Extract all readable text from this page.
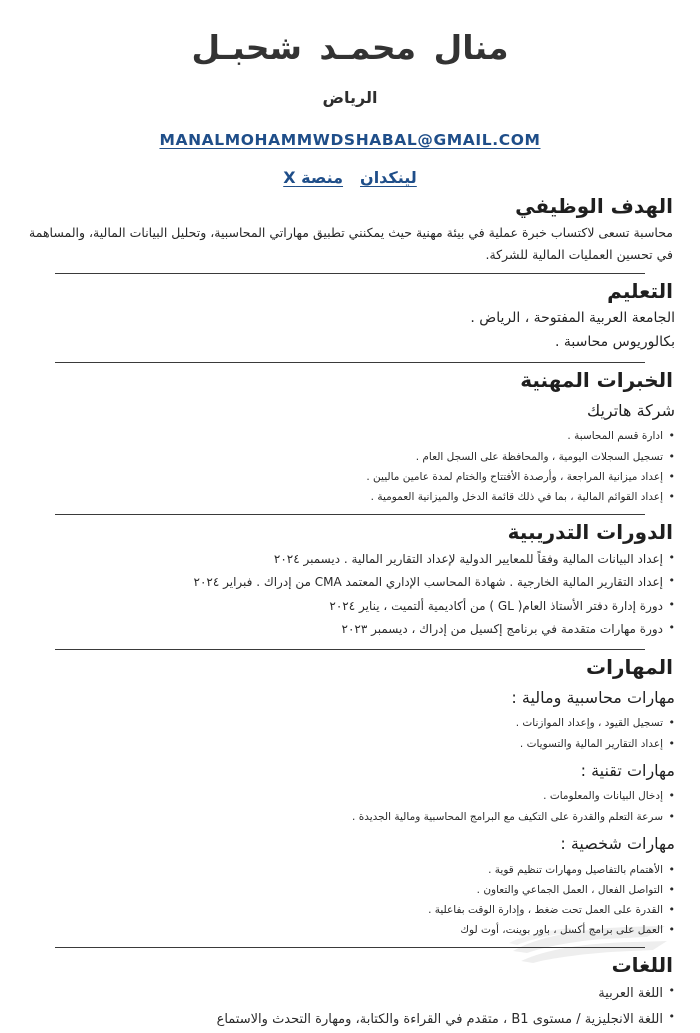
منال محمـد شحبـل
الرياض
MANALMOHAMMWDSHABAL@GMAIL.COM
لينكدان
منصة X
الهدف الوظيفي

محاسبة تسعى لاكتساب خبرة عملية في بيئة مهنية حيث يمكنني تطبيق مهاراتي المحاسبية، وتحليل البيانات المالية، والمساهمة في تحسين العمليات المالية للشركة.

التعليم
الجامعة العربية المفتوحة ، الرياض .
بكالوريوس محاسبة .
الخبرات المهنية
شركة هاتريك
• ادارة قسم المحاسبة .
• تسجيل السجلات اليومية ، والمحافظة على السجل العام .
• إعداد ميزانية المراجعة ، وأرصدة الأفتتاح والختام لمدة عامين ماليين .
• إعداد القوائم المالية ، بما في ذلك قائمة الدخل والميزانية العمومية .
الدورات التدريبية
• إعداد البيانات المالية وفقاً للمعايير الدولية لإعداد التقارير المالية . ديسمبر ٢٠٢٤
• إعداد التقارير المالية الخارجية . شهادة المحاسب الإداري المعتمد CMA من إدراك . فبراير ٢٠٢٤
• دورة إدارة دفتر الأستاذ العام( GL ) من أكاديمية ألتميت ، يناير ٢٠٢٤
• دورة مهارات متقدمة في برنامج إكسيل من إدراك ، ديسمبر ٢٠٢٣
المهارات
مهارات محاسبية ومالية :
• تسجيل القيود ، وإعداد الموازنات .
• إعداد التقارير المالية والتسويات .
مهارات تقنية :
• إدخال البيانات والمعلومات .
• سرعة التعلم والقدرة على التكيف مع البرامج المحاسبية ومالية الجديدة .
مهارات شخصية :
• الأهتمام بالتفاصيل ومهارات تنظيم قوية .
• التواصل الفعال ، العمل الجماعي والتعاون .
• القدرة على العمل تحت ضغط ، وإدارة الوقت بفاعلية .
• العمل على برامج أكسل ، باور بوينت، أوت لوك
اللغات
• اللغة العربية
• اللغة الانجليزية / مستوى B1 ، متقدم في القراءة والكتابة، ومهارة التحدث والاستماع
